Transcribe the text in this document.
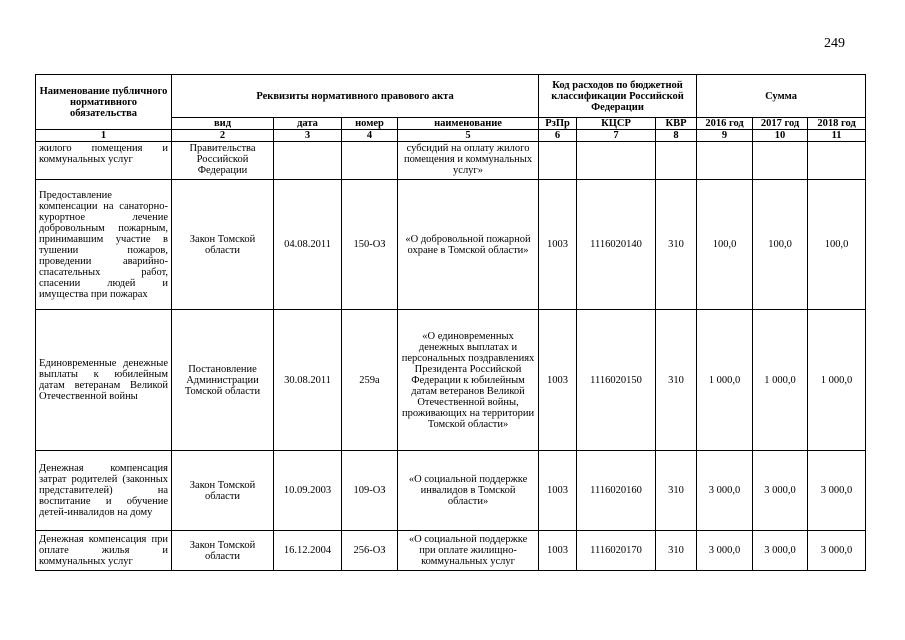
249
Наименование публичного нормативного обязательства	Реквизиты нормативного правового акта				Код расходов по бюджетной классификации Российской Федерации			Сумма		
	вид	дата	номер	наименование	РзПр	КЦСР	КВР	2016 год	2017 год	2018 год
1	2	3	4	5	6	7	8	9	10	11
жилого помещения и коммунальных услуг	Правительства Российской Федерации			субсидий на оплату жилого помещения и коммунальных услуг»						
Предоставление компенсации на санаторно-курортное лечение добровольным пожарным, принимавшим участие в тушении пожаров, проведении аварийно-спасательных работ, спасении людей и имущества при пожарах	Закон Томской области	04.08.2011	150-ОЗ	«О добровольной пожарной охране в Томской области»	1003	1116020140	310	100,0	100,0	100,0
Единовременные денежные выплаты к юбилейным датам ветеранам Великой Отечественной войны	Постановление Администрации Томской области	30.08.2011	259а	«О единовременных денежных выплатах и персональных поздравлениях Президента Российской Федерации к юбилейным датам ветеранов Великой Отечественной войны, проживающих на территории Томской области»	1003	1116020150	310	1 000,0	1 000,0	1 000,0
Денежная компенсация затрат родителей (законных представителей) на воспитание и обучение детей-инвалидов на дому	Закон Томской области	10.09.2003	109-ОЗ	«О социальной поддержке инвалидов в Томской области»	1003	1116020160	310	3 000,0	3 000,0	3 000,0
Денежная компенсация при оплате жилья и коммунальных услуг	Закон Томской области	16.12.2004	256-ОЗ	«О социальной поддержке при оплате жилищно-коммунальных услуг	1003	1116020170	310	3 000,0	3 000,0	3 000,0
